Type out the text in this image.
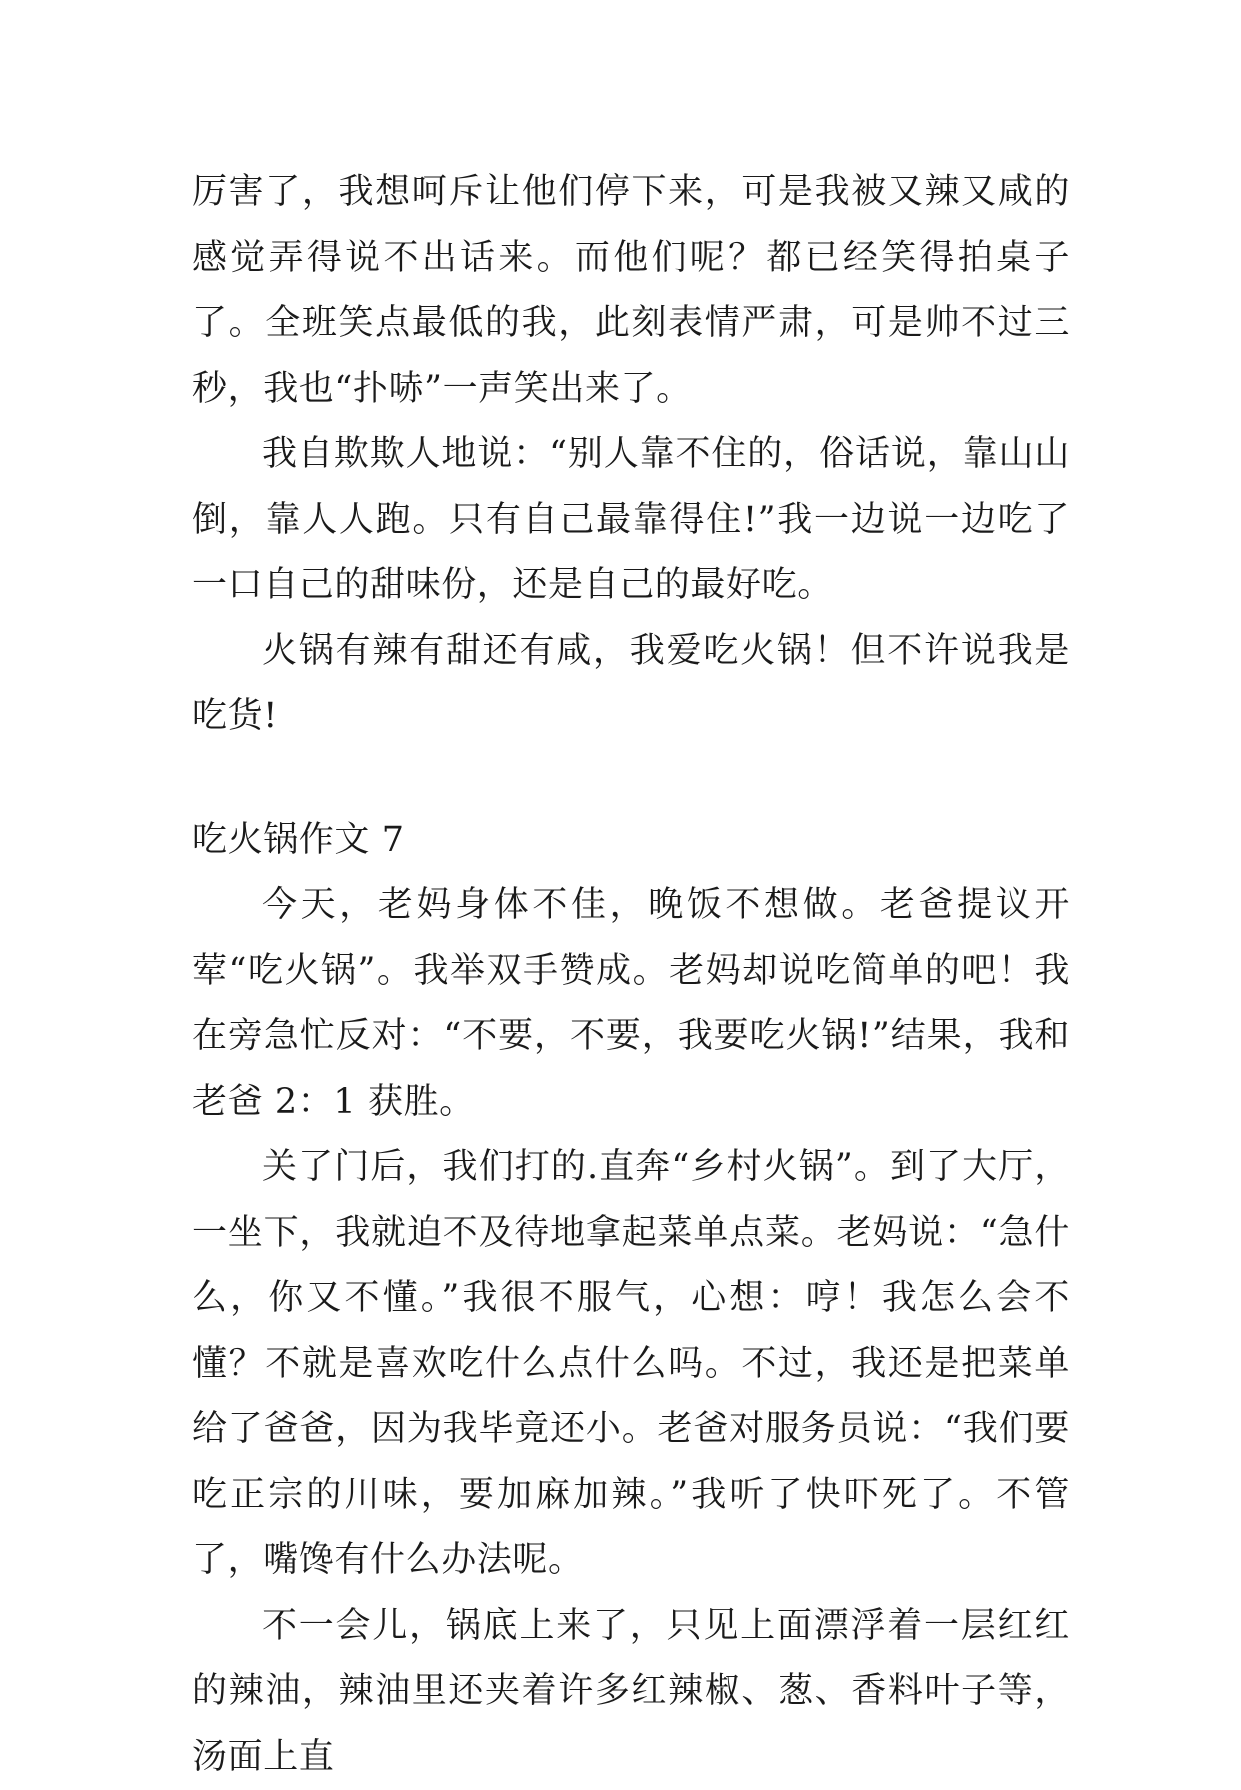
厉害了，我想呵斥让他们停下来，可是我被又辣又咸的感觉弄得说不出话来。而他们呢？都已经笑得拍桌子了。全班笑点最低的我，此刻表情严肃，可是帅不过三秒，我也“扑哧”一声笑出来了。

我自欺欺人地说：“别人靠不住的，俗话说，靠山山倒，靠人人跑。只有自己最靠得住!”我一边说一边吃了一口自己的甜味份，还是自己的最好吃。

火锅有辣有甜还有咸，我爱吃火锅！但不许说我是吃货!

吃火锅作文 7

今天，老妈身体不佳，晚饭不想做。老爸提议开荤“吃火锅”。我举双手赞成。老妈却说吃简单的吧！我在旁急忙反对：“不要，不要，我要吃火锅!”结果，我和老爸 2：1 获胜。

关了门后，我们打的.直奔“乡村火锅”。到了大厅，一坐下，我就迫不及待地拿起菜单点菜。老妈说：“急什么，你又不懂。”我很不服气，心想：哼！我怎么会不懂？不就是喜欢吃什么点什么吗。不过，我还是把菜单给了爸爸，因为我毕竟还小。老爸对服务员说：“我们要吃正宗的川味，要加麻加辣。”我听了快吓死了。不管了，嘴馋有什么办法呢。

不一会儿，锅底上来了，只见上面漂浮着一层红红的辣油，辣油里还夹着许多红辣椒、葱、香料叶子等，汤面上直
